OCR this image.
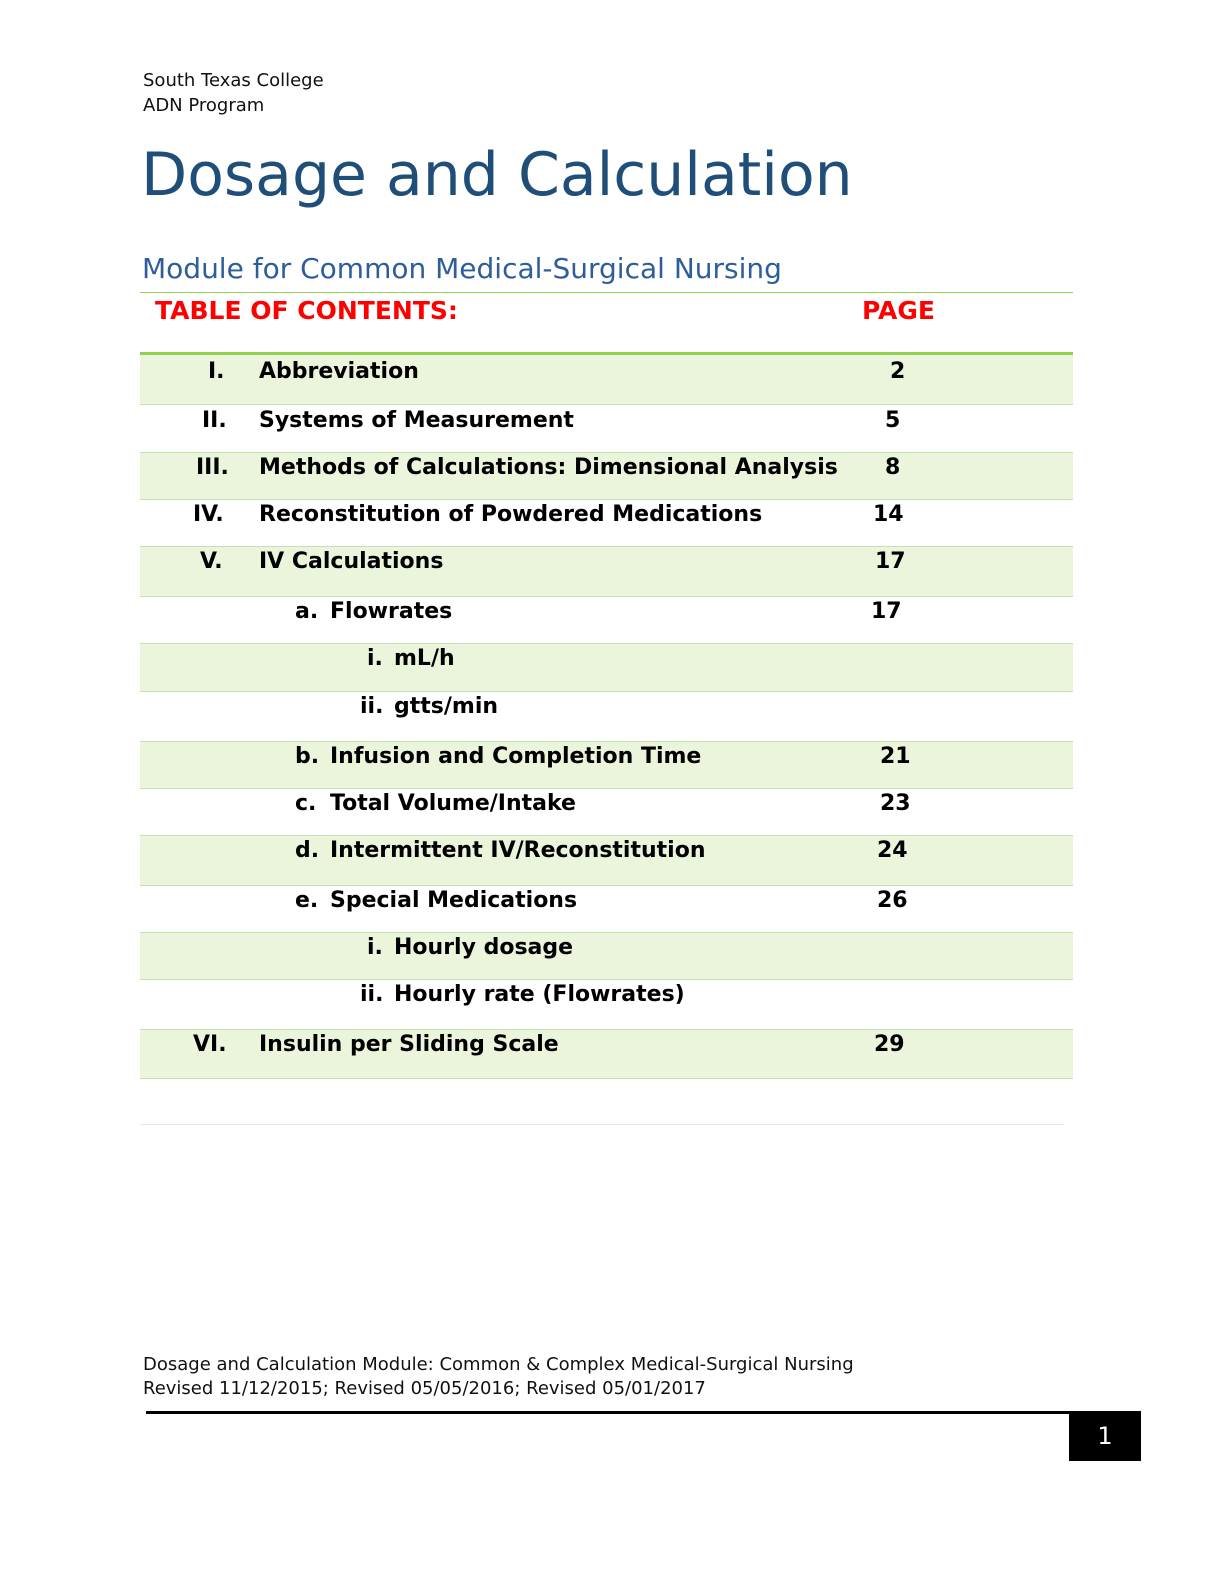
South Texas College
ADN Program
Dosage and Calculation
Module for Common Medical-Surgical Nursing
TABLE OF CONTENTS:	PAGE
I. Abbreviation	2
II. Systems of Measurement	5
III. Methods of Calculations: Dimensional Analysis 8
IV. Reconstitution of Powdered Medications	14
V. IV Calculations	17
a. Flowrates	17
i. mL/h
ii. gtts/min
b. Infusion and Completion Time	21
c. Total Volume/Intake	23
d. Intermittent IV/Reconstitution	24
e. Special Medications	26
i. Hourly dosage
ii. Hourly rate (Flowrates)
VI. Insulin per Sliding Scale	29
Dosage and Calculation Module: Common & Complex Medical-Surgical Nursing
Revised 11/12/2015; Revised 05/05/2016; Revised 05/01/2017
1
